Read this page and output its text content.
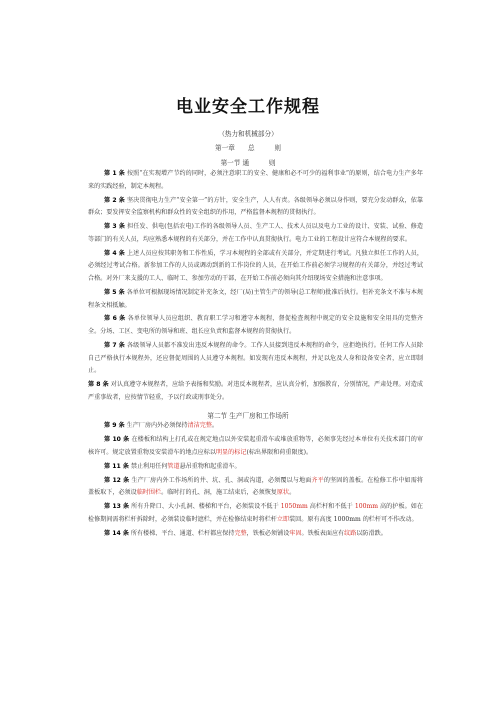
电业安全工作规程
（热力和机械部分）
第一章　　总　　　则
第一节 通　　　则

第 1 条 按照“在实现增产节约的同时，必须注意职工的安全、健康和必不可少的福利事业”的原则，结合电力生产多年来的实践经验，制定本规程。

第 2 条 坚决贯彻电力生产“安全第一”的方针，安全生产，人人有责。各级领导必须以身作则，要充分发动群众，依靠群众；要发挥安全监察机构和群众性的安全组织的作用，严格监督本规程的贯彻执行。

第 3 条 担任发、供电(包括农电)工作的各级领导人员、生产工人、技术人员以及电力工业的设计、安装、试验、修造等部门的有关人员，均应熟悉本规程的有关部分，并在工作中认真贯彻执行。电力工业的工程设计应符合本规程的要求。

第 4 条 上述人员应按其职务和工作性质，学习本规程的全部或有关部分，并定期进行考试。凡独立担任工作的人员，必须经过考试合格。新参加工作的人员或调动到新的工作岗位的人员，在开始工作前必须学习规程的有关部分，并经过考试合格。对外厂来支援的工人、临时工、参加劳动的干部，在开始工作前必须向其介绍现场安全措施和注意事项。

第 5 条 各单位可根据现场情况制定补充条文，经厂(局)主管生产的领导(总工程师)批准后执行。但补充条文不准与本规程条文相抵触。

第 6 条 各单位领导人员应组织、教育职工学习和遵守本规程，督促检查规程中规定的安全设施和安全用具的完整齐全。分场、工区、变电所的领导和班、组长应负责和监督本规程的贯彻执行。

第 7 条 各级领导人员都不准发出违反本规程的命令。工作人员接到违反本规程的命令，应拒绝执行。任何工作人员除自己严格执行本规程外，还应督促周围的人员遵守本规程。如发现有违反本规程，并足以危及人身和设备安全者，应立即制止。

第 8 条 对认真遵守本规程者，应给予表扬和奖励。对违反本规程者，应认真分析，加强教育，分别情况，严肃处理。对造成严重事故者，应按情节轻重，予以行政或刑事处分。

第二节 生产厂房和工作场所

第 9 条 生产厂房内外必须保持清洁完整。

第 10 条 在楼板和结构上打孔或在规定地点以外安装起重滑车或堆放重物等，必须事先经过本单位有关技术部门的审核许可。规定放置重物及安装滑车的地点应标以明显的标记(标出界限和荷重限度)。

第 11 条 禁止利用任何管道悬吊重物和起重滑车。

第 12 条 生产厂房内外工作场所的井、坑、孔、洞或沟道，必须覆以与地面齐平的坚固的盖板。在检修工作中如需将盖板取下，必须设临时围栏。临时打的孔、洞，施工结束后，必须恢复原状。

第 13 条 所有升降口、大小孔洞、楼梯和平台，必须装设不低于 1050mm 高栏杆和不低于 100mm 高的护板。如在检修期间需将栏杆拆除时，必须装设临时遮栏，并在检修结束时将栏杆立即装回。原有高度 1000mm 的栏杆可不作改动。

第 14 条 所有楼梯、平台、通道、栏杆都应保持完整，铁板必须铺设牢固。铁板表面应有纹路以防滑跌。
